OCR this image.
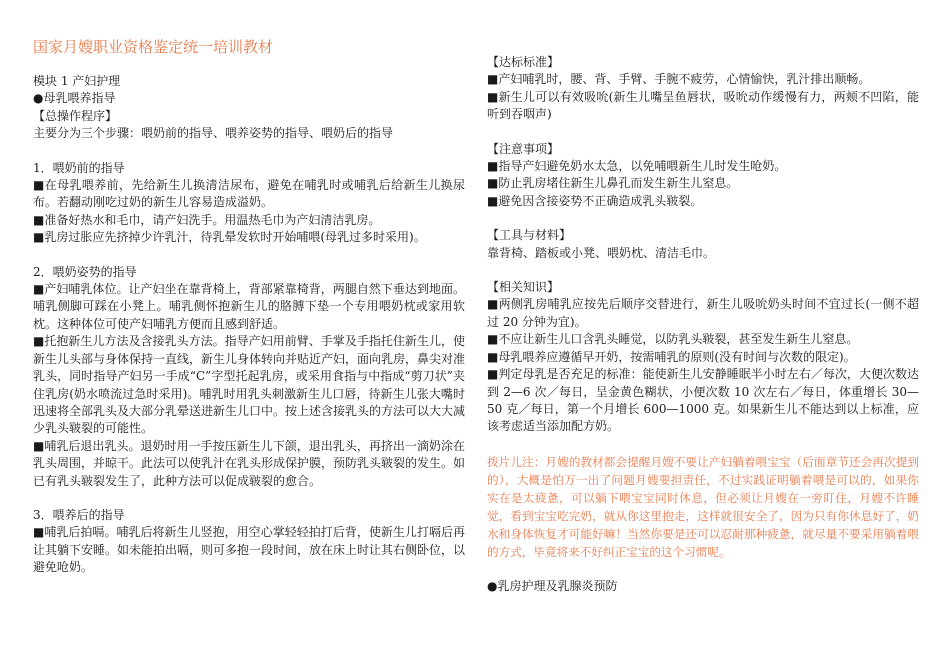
国家月嫂职业资格鉴定统一培训教材

模块 1 产妇护理

●母乳喂养指导

【总操作程序】

主要分为三个步骤：喂奶前的指导、喂养姿势的指导、喂奶后的指导

1．喂奶前的指导

■在母乳喂养前，先给新生儿换清洁尿布，避免在哺乳时或哺乳后给新生儿换尿布。若翻动刚吃过奶的新生儿容易造成溢奶。

■准备好热水和毛巾，请产妇洗手。用温热毛巾为产妇清洁乳房。

■乳房过胀应先挤掉少许乳汁，待乳晕发软时开始哺喂(母乳过多时采用)。

2．喂奶姿势的指导

■产妇哺乳体位。让产妇坐在靠背椅上，背部紧靠椅背，两腿自然下垂达到地面。哺乳侧脚可踩在小凳上。哺乳侧怀抱新生儿的胳膊下垫一个专用喂奶枕或家用软枕。这种体位可使产妇哺乳方便而且感到舒适。

■托抱新生儿方法及含接乳头方法。指导产妇用前臂、手掌及手指托住新生儿，使新生儿头部与身体保持一直线，新生儿身体转向并贴近产妇，面向乳房，鼻尖对准乳头，同时指导产妇另一手成“C”字型托起乳房，或采用食指与中指成“剪刀状”夹住乳房(奶水喷流过急时采用)。哺乳时用乳头刺激新生儿口唇，待新生儿张大嘴时迅速将全部乳头及大部分乳晕送进新生儿口中。按上述含接乳头的方法可以大大减少乳头皲裂的可能性。

■哺乳后退出乳头。退奶时用一手按压新生儿下颌，退出乳头，再挤出一滴奶涂在乳头周围，并晾干。此法可以使乳汁在乳头形成保护膜，预防乳头皲裂的发生。如已有乳头皲裂发生了，此种方法可以促成皲裂的愈合。

3．喂养后的指导

■哺乳后拍嗝。哺乳后将新生儿竖抱，用空心掌轻轻拍打后背，使新生儿打嗝后再让其躺下安睡。如未能拍出嗝，则可多抱一段时间，放在床上时让其右侧卧位，以避免呛奶。

【达标标准】

■产妇哺乳时，腰、背、手臂、手腕不疲劳，心情愉快，乳汁排出顺畅。

■新生儿可以有效吸吮(新生儿嘴呈鱼唇状，吸吮动作缓慢有力，两颊不凹陷，能听到吞咽声)

【注意事项】

■指导产妇避免奶水太急，以免哺喂新生儿时发生呛奶。

■防止乳房堵住新生儿鼻孔而发生新生儿窒息。

■避免因含接姿势不正确造成乳头皲裂。

【工具与材料】

靠背椅、踏板或小凳、喂奶枕、清洁毛巾。

【相关知识】

■两侧乳房哺乳应按先后顺序交替进行，新生儿吸吮奶头时间不宜过长(一侧不超过 20 分钟为宜)。

■不应让新生儿口含乳头睡觉，以防乳头皲裂，甚至发生新生儿窒息。

■母乳喂养应遵循早开奶，按需哺乳的原则(没有时间与次数的限定)。

■判定母乳是否充足的标准：能使新生儿安静睡眠半小时左右／每次，大便次数达到 2—6 次／每日，呈金黄色糊状，小便次数 10 次左右／每日，体重增长 30—50 克／每日，第一个月增长 600—1000 克。如果新生儿不能达到以上标准，应该考虑适当添加配方奶。

拨片儿注：月嫂的教材都会提醒月嫂不要让产妇躺着喂宝宝（后面章节还会再次提到的），大概是怕万一出了问题月嫂要担责任，不过实践证明躺着喂是可以的，如果你实在是太疲惫，可以躺下喂宝宝同时休息，但必须让月嫂在一旁盯住，月嫂不许睡觉，看到宝宝吃完奶，就从你这里抱走，这样就很安全了，因为只有你休息好了，奶水和身体恢复才可能好嘛！当然你要是还可以忍耐那种疲惫，就尽量不要采用躺着喂的方式，毕竟将来不好纠正宝宝的这个习惯呢。

●乳房护理及乳腺炎预防
